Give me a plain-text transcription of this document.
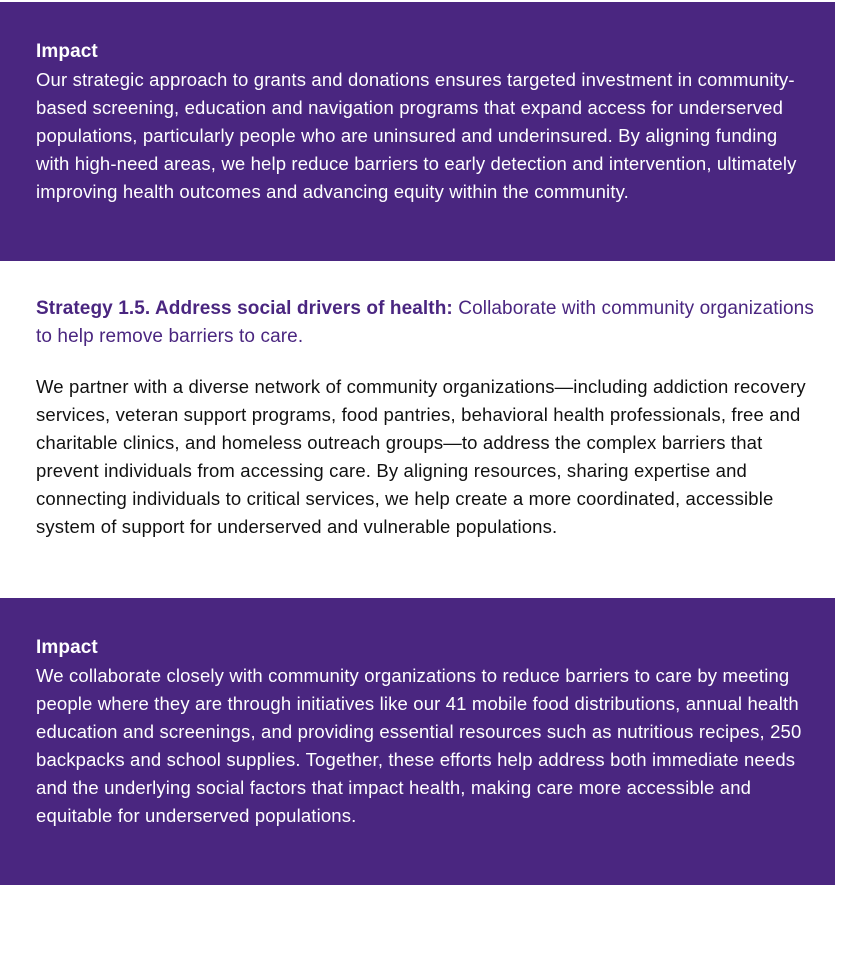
Impact

Our strategic approach to grants and donations ensures targeted investment in community-based screening, education and navigation programs that expand access for underserved populations, particularly people who are uninsured and underinsured. By aligning funding with high-need areas, we help reduce barriers to early detection and intervention, ultimately improving health outcomes and advancing equity within the community.

Strategy 1.5. Address social drivers of health: Collaborate with community organizations to help remove barriers to care.

We partner with a diverse network of community organizations—including addiction recovery services, veteran support programs, food pantries, behavioral health professionals, free and charitable clinics, and homeless outreach groups—to address the complex barriers that prevent individuals from accessing care. By aligning resources, sharing expertise and connecting individuals to critical services, we help create a more coordinated, accessible system of support for underserved and vulnerable populations.

Impact

We collaborate closely with community organizations to reduce barriers to care by meeting people where they are through initiatives like our 41 mobile food distributions, annual health education and screenings, and providing essential resources such as nutritious recipes, 250 backpacks and school supplies. Together, these efforts help address both immediate needs and the underlying social factors that impact health, making care more accessible and equitable for underserved populations.
